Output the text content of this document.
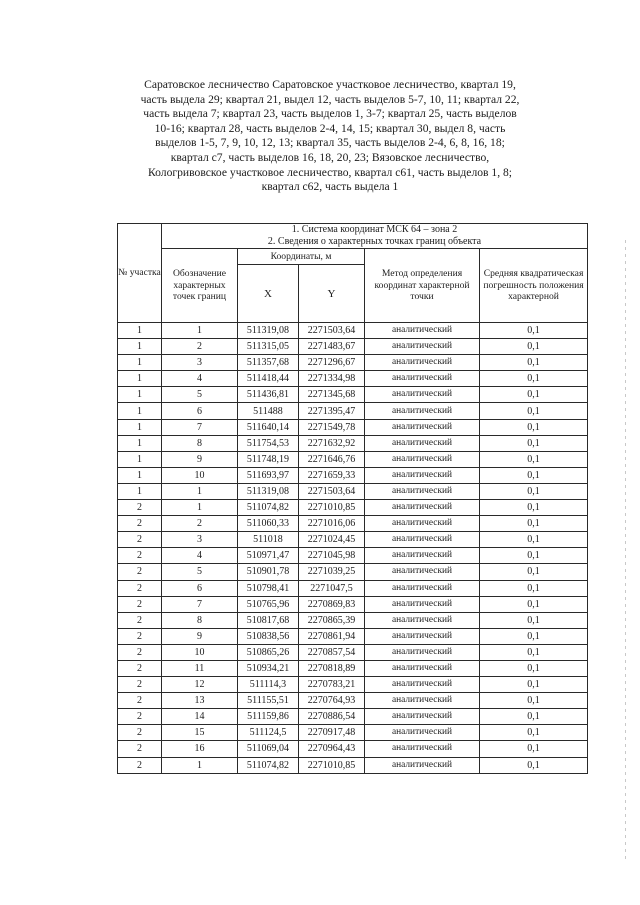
Саратовское лесничество Саратовское участковое лесничество, квартал 19,
часть выдела 29; квартал 21, выдел 12, часть выделов 5-7, 10, 11; квартал 22,
часть выдела 7; квартал 23, часть выделов 1, 3-7; квартал 25, часть выделов
10-16; квартал 28, часть выделов 2-4, 14, 15; квартал 30, выдел 8, часть
выделов 1-5, 7, 9, 10, 12, 13; квартал 35, часть выделов 2-4, 6, 8, 16, 18;
квартал с7, часть выделов 16, 18, 20, 23; Вязовское лесничество,
Кологривовское участковое лесничество, квартал с61, часть выделов 1, 8;
квартал с62, часть выдела 1
№ участка	1. Система координат МСК 64 – зона 2				
	2. Сведения о характерных точках границ объекта				
	Обозначение характерных точек границ	Координаты, м		Метод определения координат характерной точки	Средняя квадратическая погрешность положения характерной
		X	Y		
1	1	511319,08	2271503,64	аналитический	0,1
1	2	511315,05	2271483,67	аналитический	0,1
1	3	511357,68	2271296,67	аналитический	0,1
1	4	511418,44	2271334,98	аналитический	0,1
1	5	511436,81	2271345,68	аналитический	0,1
1	6	511488	2271395,47	аналитический	0,1
1	7	511640,14	2271549,78	аналитический	0,1
1	8	511754,53	2271632,92	аналитический	0,1
1	9	511748,19	2271646,76	аналитический	0,1
1	10	511693,97	2271659,33	аналитический	0,1
1	1	511319,08	2271503,64	аналитический	0,1
2	1	511074,82	2271010,85	аналитический	0,1
2	2	511060,33	2271016,06	аналитический	0,1
2	3	511018	2271024,45	аналитический	0,1
2	4	510971,47	2271045,98	аналитический	0,1
2	5	510901,78	2271039,25	аналитический	0,1
2	6	510798,41	2271047,5	аналитический	0,1
2	7	510765,96	2270869,83	аналитический	0,1
2	8	510817,68	2270865,39	аналитический	0,1
2	9	510838,56	2270861,94	аналитический	0,1
2	10	510865,26	2270857,54	аналитический	0,1
2	11	510934,21	2270818,89	аналитический	0,1
2	12	511114,3	2270783,21	аналитический	0,1
2	13	511155,51	2270764,93	аналитический	0,1
2	14	511159,86	2270886,54	аналитический	0,1
2	15	511124,5	2270917,48	аналитический	0,1
2	16	511069,04	2270964,43	аналитический	0,1
2	1	511074,82	2271010,85	аналитический	0,1
